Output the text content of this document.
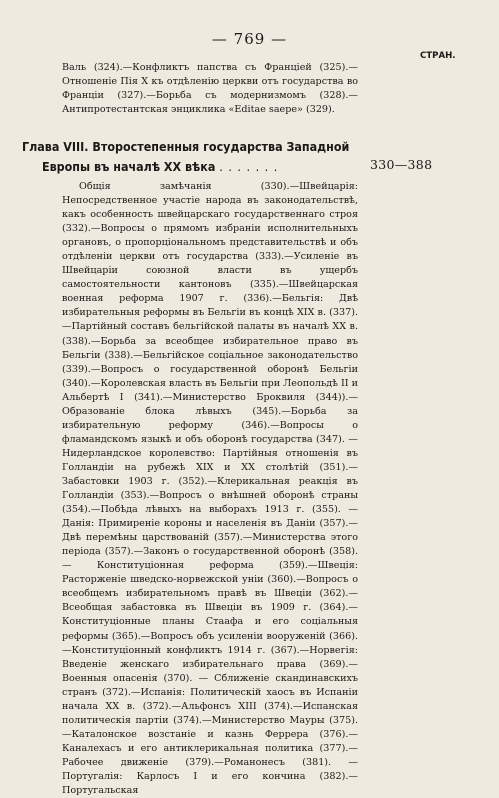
— 769 —
СТРАН.

Валь (324).—Конфликтъ папства съ Франціей (325).—Отношеніе Пія X къ отдѣленію церкви отъ государства во Франціи (327).—Борьба съ модернизмомъ (328).—Антипротестантская энциклика «Editae saepe» (329).

Глава VIII. Второстепенныя государства Западной
Европы въ началѣ XX вѣка . . . . . . .	330—388

Общія замѣчанія (330).—Швейцарія: Непосредственное участіе народа въ законодательствѣ, какъ особенность швейцарскаго государственнаго строя (332).—Вопросы о прямомъ избраніи исполнительныхъ органовъ, о пропорціональномъ представительствѣ и объ отдѣленіи церкви отъ государства (333).—Усиленіе въ Швейцаріи союзной власти въ ущербъ самостоятельности кантоновъ (335).—Швейцарская военная реформа 1907 г. (336).—Бельгія: Двѣ избирательныя реформы въ Бельгіи въ концѣ XIX в. (337).—Партійный составъ бельгійской палаты въ началѣ XX в. (338).—Борьба за всеобщее избирательное право въ Бельгіи (338).—Бельгійское соціальное законодательство (339).—Вопросъ о государственной оборонѣ Бельгіи (340).—Королевская власть въ Бельгіи при Леопольдѣ II и Альбертѣ I (341).—Министерство Броквиля (344)).—Образованіе блока лѣвыхъ (345).—Борьба за избирательную реформу (346).—Вопросы о фламандскомъ языкѣ и объ оборонѣ государства (347). — Нидерландское королевство: Партійныя отношенія въ Голландіи на рубежѣ XIX и XX столѣтій (351).—Забастовки 1903 г. (352).—Клерикальная реакція въ Голландіи (353).—Вопросъ о внѣшней оборонѣ страны (354).—Побѣда лѣвыхъ на выборахъ 1913 г. (355). — Данія: Примиреніе короны и населенія въ Даніи (357).—Двѣ перемѣны царствованій (357).—Министерства этого періода (357).—Законъ о государственной оборонѣ (358). — Конституціонная реформа (359).—Швеція: Расторженіе шведско-норвежской уніи (360).—Вопросъ о всеобщемъ избирательномъ правѣ въ Швеціи (362).—Всеобщая забастовка въ Швеціи въ 1909 г. (364).— Конституціонные планы Стаафа и его соціальныя реформы (365).—Вопросъ объ усиленіи вооруженій (366).—Конституціонный конфликтъ 1914 г. (367).—Норвегія: Введеніе женскаго избирательнаго права (369).— Военныя опасенія (370). — Сближеніе скандинавскихъ странъ (372).—Испанія: Политическій хаосъ въ Испаніи начала XX в. (372).—Альфонсъ XIII (374).—Испанская политическія партіи (374).—Министерство Мауры (375).—Каталонское возстаніе и казнь Феррера (376).— Каналехасъ и его антиклерикальная политика (377).— Рабочее движеніе (379).—Романонесъ (381). — Португалія: Карлосъ I и его кончина (382).—Португальская
